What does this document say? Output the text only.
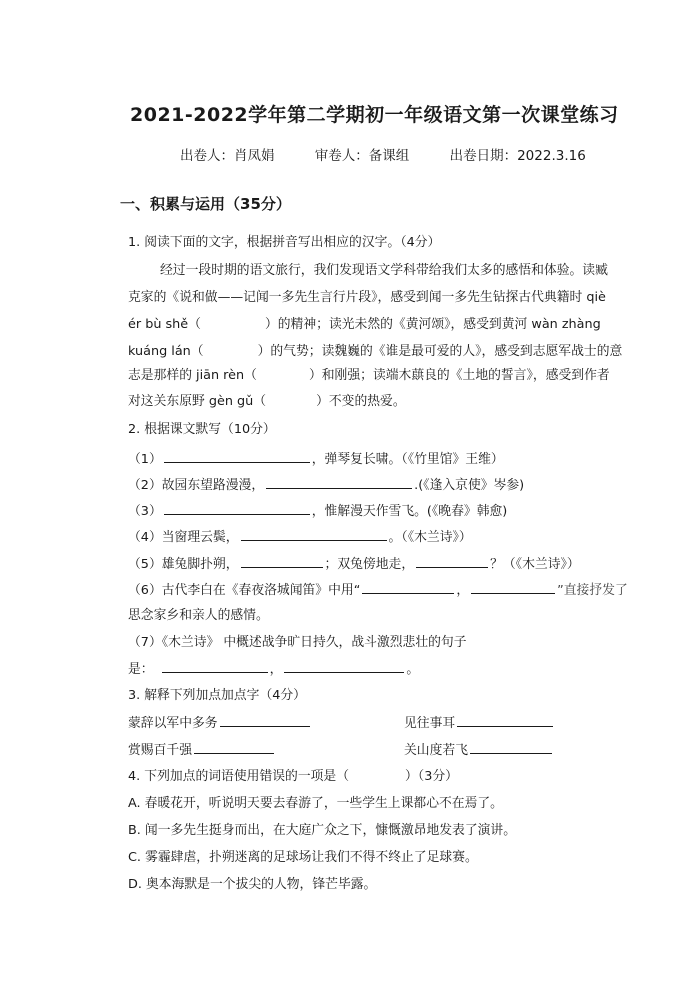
2021-2022学年第二学期初一年级语文第一次课堂练习
出卷人：肖凤娟	审卷人：备课组	出卷日期：2022.3.16
一、积累与运用（35分）
1. 阅读下面的文字，根据拼音写出相应的汉字。（4分）
经过一段时期的语文旅行，我们发现语文学科带给我们太多的感悟和体验。读臧
克家的《说和做——记闻一多先生言行片段》，感受到闻一多先生钻探古代典籍时 qiè
ér bù shě（	）的精神；读光未然的《黄河颂》，感受到黄河 wàn zhàng
kuáng lán（	）的气势；读魏巍的《谁是最可爱的人》，感受到志愿军战士的意
志是那样的 jiān rèn（	）和刚强；读端木蕻良的《土地的誓言》，感受到作者
对这关东原野 gèn gǔ（	）不变的热爱。
2. 根据课文默写（10分）
（1）	，弹琴复长啸。（《竹里馆》王维）
（2）故园东望路漫漫，	.(《逢入京使》岑参)
（3）	，惟解漫天作雪飞。(《晚春》韩愈)
（4）当窗理云鬓，	。（《木兰诗》）
（5）雄兔脚扑朔，	；双兔傍地走，	？（《木兰诗》）
（6）古代李白在《春夜洛城闻笛》中用“	，	”直接抒发了
思念家乡和亲人的感情。
（7）《木兰诗》 中概述战争旷日持久，战斗激烈悲壮的句子
是：	，	。
3. 解释下列加点加点字（4分）
蒙辞以军中多务	见往事耳
赏赐百千强	关山度若飞
4. 下列加点的词语使用错误的一项是（	）（3分）
A. 春暖花开，听说明天要去春游了，一些学生上课都心不在焉了。
B. 闻一多先生挺身而出，在大庭广众之下，慷慨激昂地发表了演讲。
C. 雾霾肆虐，扑朔迷离的足球场让我们不得不终止了足球赛。
D. 奥本海默是一个拔尖的人物，锋芒毕露。
